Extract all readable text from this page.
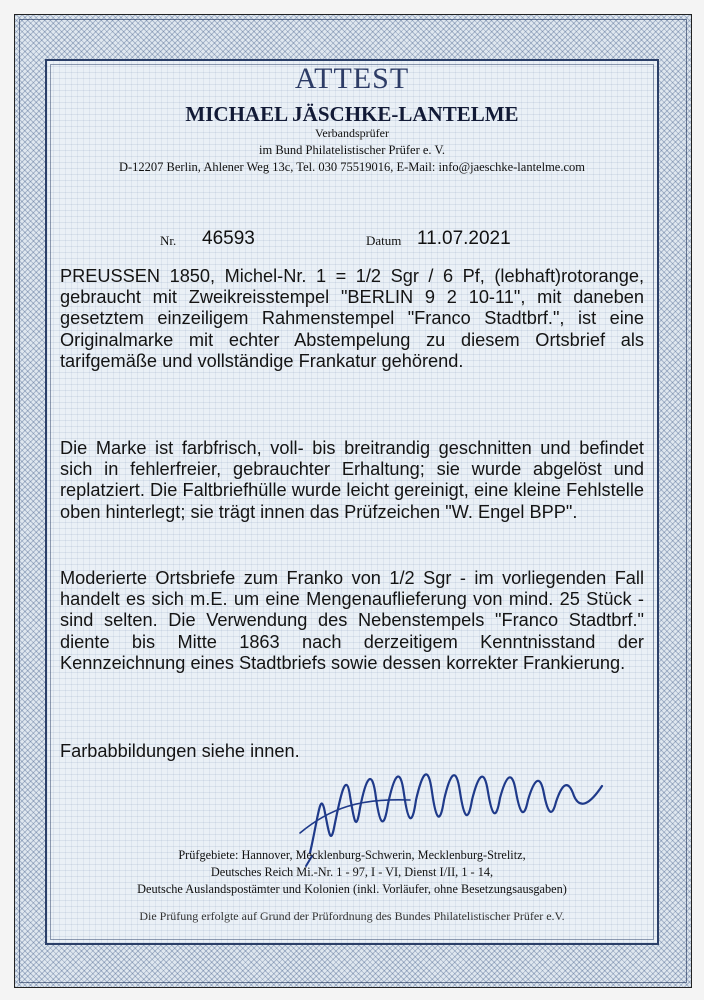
ATTEST
MICHAEL JÄSCHKE-LANTELME
Verbandsprüfer
im Bund Philatelistischer Prüfer e. V.
D-12207 Berlin, Ahlener Weg 13c, Tel. 030 75519016, E-Mail: info@jaeschke-lantelme.com
Nr. 46593	Datum 11.07.2021
PREUSSEN 1850, Michel-Nr. 1 = 1/2 Sgr / 6 Pf, (lebhaft)rotorange, gebraucht mit Zweikreisstempel "BERLIN 9 2 10-11", mit daneben gesetztem einzeiligem Rahmenstempel "Franco Stadtbrf.", ist eine Originalmarke mit echter Abstempelung zu diesem Ortsbrief als tarifgemäße und vollständige Frankatur gehörend.
Die Marke ist farbfrisch, voll- bis breitrandig geschnitten und befindet sich in fehlerfreier, gebrauchter Erhaltung; sie wurde abgelöst und replatziert. Die Faltbriefhülle wurde leicht gereinigt, eine kleine Fehlstelle oben hinterlegt; sie trägt innen das Prüfzeichen "W. Engel BPP".
Moderierte Ortsbriefe zum Franko von 1/2 Sgr - im vorliegenden Fall handelt es sich m.E. um eine Mengenauflieferung von mind. 25 Stück - sind selten. Die Verwendung des Nebenstempels "Franco Stadtbrf." diente bis Mitte 1863 nach derzeitigem Kenntnisstand der Kennzeichnung eines Stadtbriefs sowie dessen korrekter Frankierung.
Farbabbildungen siehe innen.
Prüfgebiete: Hannover, Mecklenburg-Schwerin, Mecklenburg-Strelitz,
Deutsches Reich Mi.-Nr. 1 - 97, I - VI, Dienst I/II, 1 - 14,
Deutsche Auslandspostämter und Kolonien (inkl. Vorläufer, ohne Besetzungsausgaben)
Die Prüfung erfolgte auf Grund der Prüfordnung des Bundes Philatelistischer Prüfer e.V.
